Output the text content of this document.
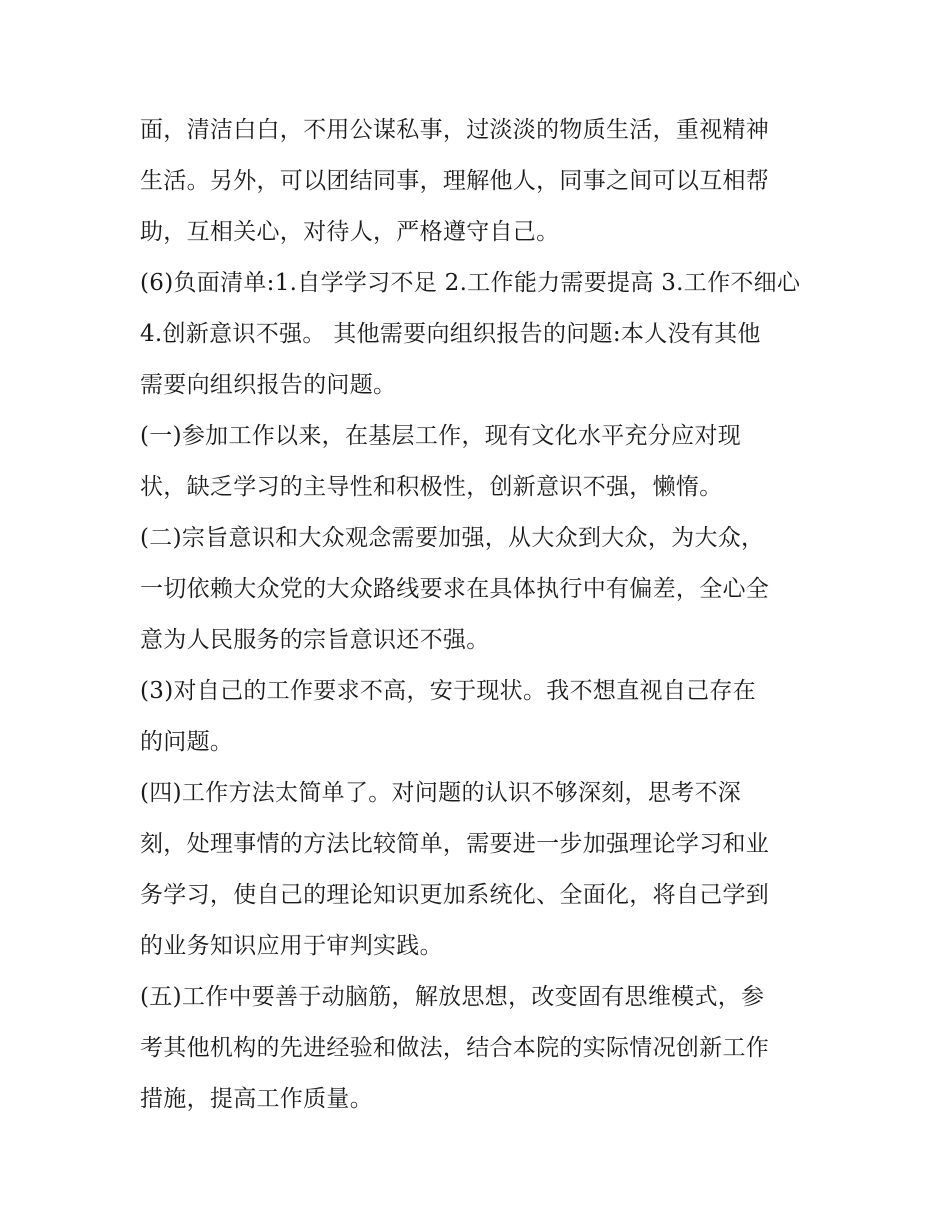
面，清洁白白，不用公谋私事，过淡淡的物质生活，重视精神
生活。另外，可以团结同事，理解他人，同事之间可以互相帮
助，互相关心，对待人，严格遵守自己。

(6)负面清单:1.自学学习不足 2.工作能力需要提高 3.工作不细心
4.创新意识不强。 其他需要向组织报告的问题:本人没有其他
需要向组织报告的问题。

(一)参加工作以来，在基层工作，现有文化水平充分应对现
状，缺乏学习的主导性和积极性，创新意识不强，懒惰。

(二)宗旨意识和大众观念需要加强，从大众到大众，为大众，
一切依赖大众党的大众路线要求在具体执行中有偏差，全心全
意为人民服务的宗旨意识还不强。

(3)对自己的工作要求不高，安于现状。我不想直视自己存在
的问题。

(四)工作方法太简单了。对问题的认识不够深刻，思考不深
刻，处理事情的方法比较简单，需要进一步加强理论学习和业
务学习，使自己的理论知识更加系统化、全面化，将自己学到
的业务知识应用于审判实践。

(五)工作中要善于动脑筋，解放思想，改变固有思维模式，参
考其他机构的先进经验和做法，结合本院的实际情况创新工作
措施，提高工作质量。
